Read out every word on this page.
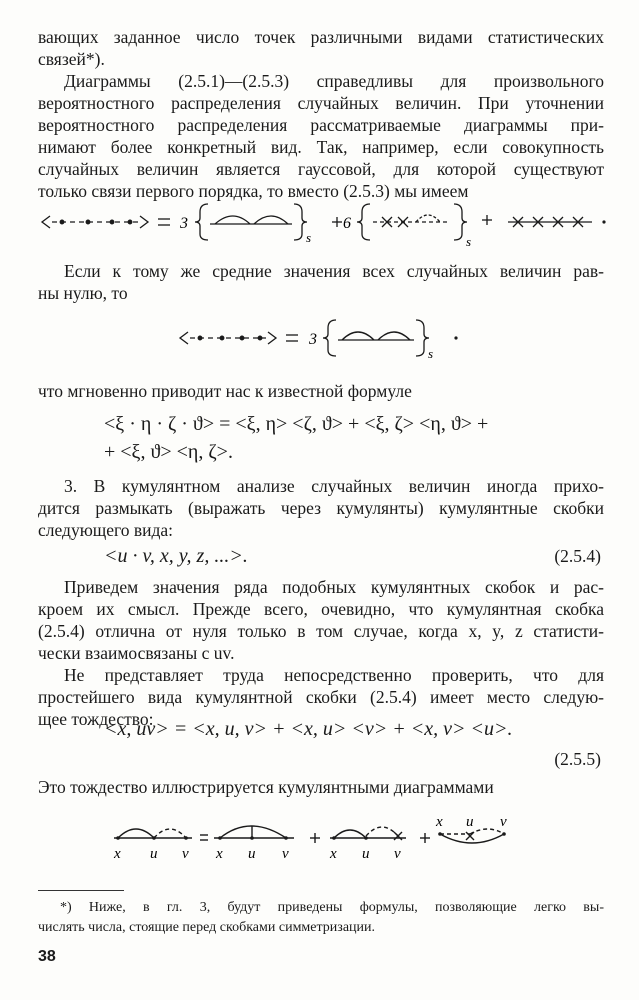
вающих заданное число точек различными видами статистических
связей*).
Диаграммы (2.5.1)—(2.5.3) справедливы для произвольного
вероятностного распределения случайных величин. При уточнении
вероятностного распределения рассматриваемые диаграммы при-
нимают более конкретный вид. Так, например, если совокупность
случайных величин является гауссовой, для которой существуют
только связи первого порядка, то вместо (2.5.3) мы имеем
3	6
s	s
Если к тому же средние значения всех случайных величин рав-
ны нулю, то
3
s
что мгновенно приводит нас к известной формуле
<ξ · η · ζ · ϑ> = <ξ, η> <ζ, ϑ> + <ξ, ζ> <η, ϑ> +
+ <ξ, ϑ> <η, ζ>.
3. В кумулянтном анализе случайных величин иногда прихо-
дится размыкать (выражать через кумулянты) кумулянтные скобки
следующего вида:
<u · v, x, y, z, ...>.	(2.5.4)
Приведем значения ряда подобных кумулянтных скобок и рас-
кроем их смысл. Прежде всего, очевидно, что кумулянтная скобка
(2.5.4) отлична от нуля только в том случае, когда x, y, z статисти-
чески взаимосвязаны с uv.
Не представляет труда непосредственно проверить, что для
простейшего вида кумулянтной скобки (2.5.4) имеет место следую-
щее тождество:
<x, uv> = <x, u, v> + <x, u> <v> + <x, v> <u>.
(2.5.5)
Это тождество иллюстрируется кумулянтными диаграммами
x u v x u v	x u v
x u v
*) Ниже, в гл. 3, будут приведены формулы, позволяющие легко вы-
числять числа, стоящие перед скобками симметризации.
38
